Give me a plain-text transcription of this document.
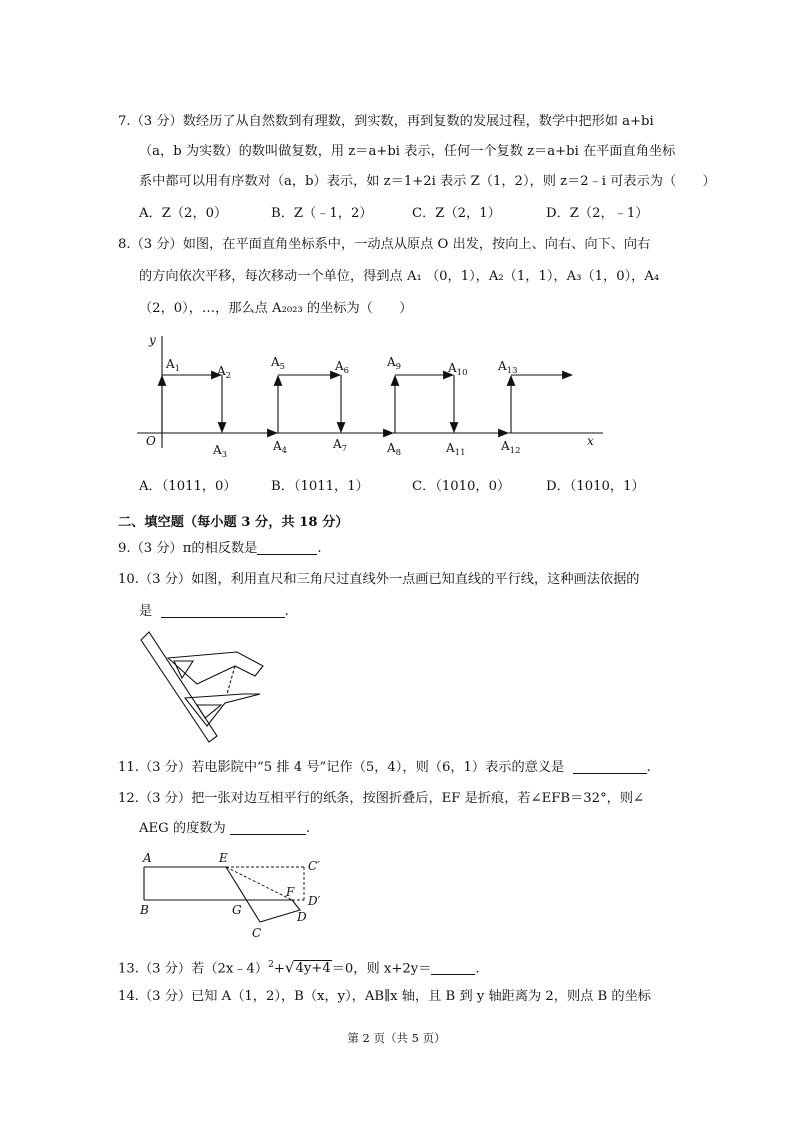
7.（3 分）数经历了从自然数到有理数，到实数，再到复数的发展过程，数学中把形如 a+bi
（a，b 为实数）的数叫做复数，用 z＝a+bi 表示，任何一个复数 z＝a+bi 在平面直角坐标
系中都可以用有序数对（a，b）表示，如 z＝1+2i 表示 Z（1，2），则 z＝2﹣i 可表示为（　　）
A．Z（2，0）	B．Z（﹣1，2）	C．Z（2，1）	D．Z（2，﹣1）
8.（3 分）如图，在平面直角坐标系中，一动点从原点 O 出发，按向上、向右、向下、向右
的方向依次平移，每次移动一个单位，得到点 A₁ （0，1），A₂（1，1），A₃（1，0），A₄
（2，0），…，那么点 A₂₀₂₃ 的坐标为（　　）
y
x
O
$A_1$	$A_2$
$A_3$
$A_4$
$A_5$	$A_6$
$A_7$	$A_8$
$A_9$	$A_{10}$
$A_{11}$	$A_{12}$
$A_{13}$
A．（1011，0）	B．（1011，1）	C．（1010，0）	D．（1010，1）
二、填空题（每小题 3 分，共 18 分）
9.（3 分）π的相反数是	.
10.（3 分）如图，利用直尺和三角尺过直线外一点画已知直线的平行线，这种画法依据的
是	.
11.（3 分）若电影院中“5 排 4 号”记作（5，4），则（6，1）表示的意义是	.
12.（3 分）把一张对边互相平行的纸条，按图折叠后，EF 是折痕，若∠EFB＝32°，则∠
AEG 的度数为	.
A	E
C′
F
D′
B	G	D
C
13.（3 分）若（2x﹣4）$^2$+√4y+4＝0，则 x+2y＝	.
14.（3 分）已知 A（1，2），B（x，y），AB∥x 轴，且 B 到 y 轴距离为 2，则点 B 的坐标
第 2 页（共 5 页）
